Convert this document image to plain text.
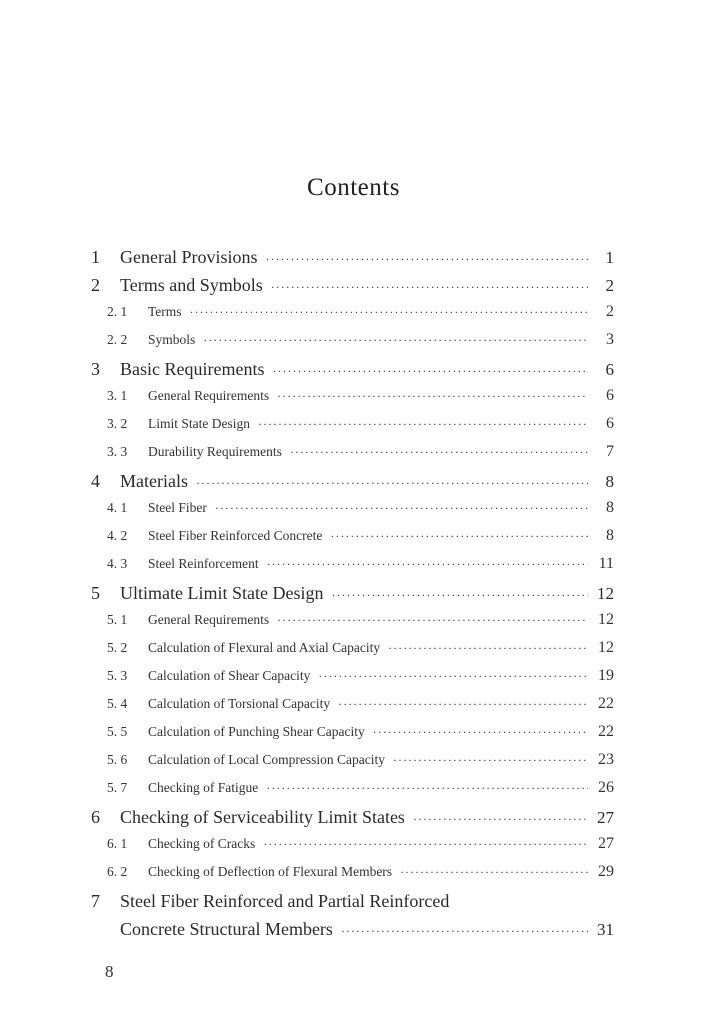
Contents
1	General Provisions ·····	1
2	Terms and Symbols ·····	2
2. 1	Terms ·····	2
2. 2	Symbols ·····	3
3	Basic Requirements ·····	6
3. 1	General Requirements ·····	6
3. 2	Limit State Design ·····	6
3. 3	Durability Requirements ·····	7
4	Materials ·····	8
4. 1	Steel Fiber ·····	8
4. 2	Steel Fiber Reinforced Concrete ·····	8
4. 3	Steel Reinforcement ·····	11
5	Ultimate Limit State Design ·····	12
5. 1	General Requirements ·····	12
5. 2	Calculation of Flexural and Axial Capacity ·····	12
5. 3	Calculation of Shear Capacity ·····	19
5. 4	Calculation of Torsional Capacity ·····	22
5. 5	Calculation of Punching Shear Capacity ·····	22
5. 6	Calculation of Local Compression Capacity ·····	23
5. 7	Checking of Fatigue ·····	26
6	Checking of Serviceability Limit States ·····	27
6. 1	Checking of Cracks ·····	27
6. 2	Checking of Deflection of Flexural Members ·····	29
7	Steel Fiber Reinforced and Partial Reinforced
Concrete Structural Members ·····	31
8
